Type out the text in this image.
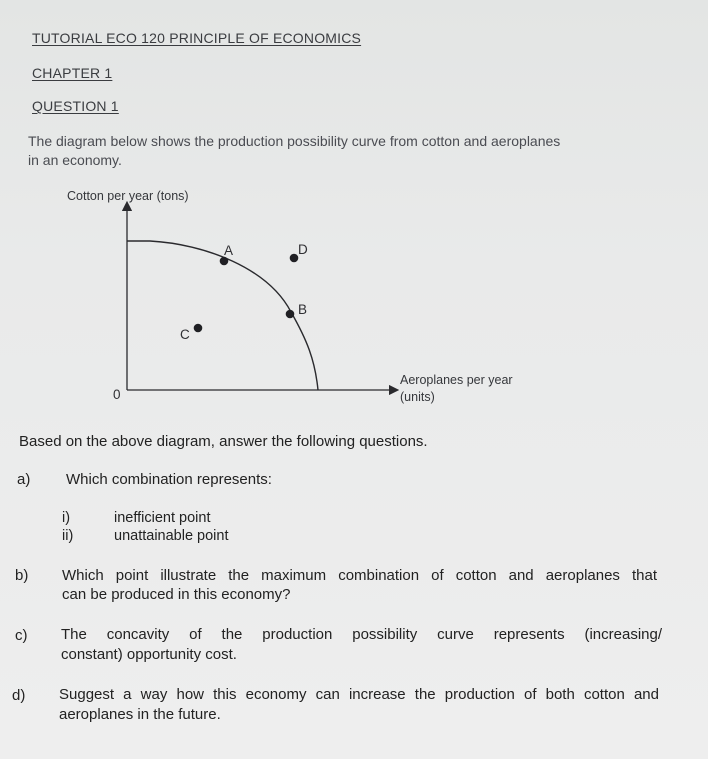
TUTORIAL ECO 120 PRINCIPLE OF ECONOMICS
CHAPTER 1
QUESTION 1
The diagram below shows the production possibility curve from cotton and aeroplanes
in an economy.
Cotton per year (tons)
0
Aeroplanes per year
(units)
A
B
C
D
Based on the above diagram, answer the following questions.
a) Which combination represents:
i)	inefficient point
ii)	unattainable point
b) Which point illustrate the maximum combination of cotton and aeroplanes that
can be produced in this economy?
c) The concavity of the production possibility curve represents (increasing/
constant) opportunity cost.
d) Suggest a way how this economy can increase the production of both cotton and
aeroplanes in the future.
